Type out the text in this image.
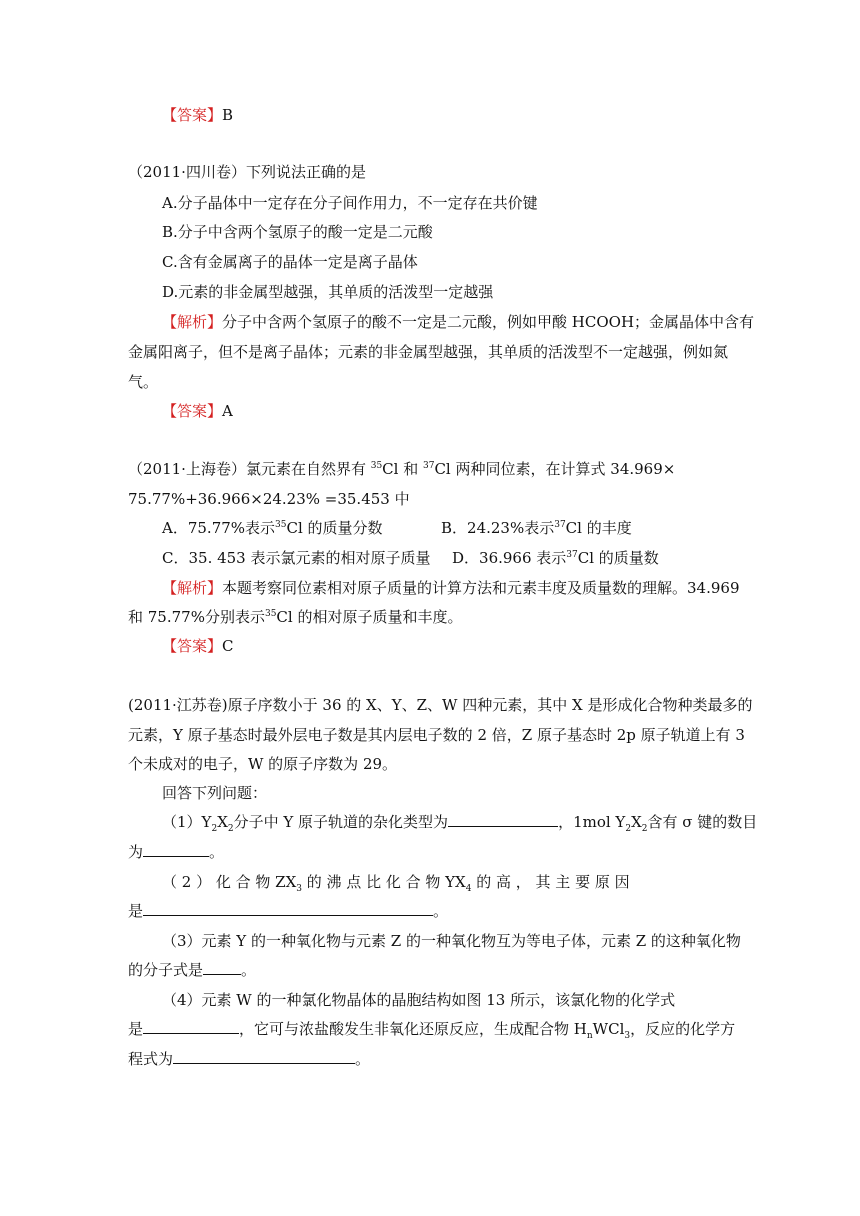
【答案】B
（2011·四川卷）下列说法正确的是
A.分子晶体中一定存在分子间作用力，不一定存在共价键
B.分子中含两个氢原子的酸一定是二元酸
C.含有金属离子的晶体一定是离子晶体
D.元素的非金属型越强，其单质的活泼型一定越强
【解析】分子中含两个氢原子的酸不一定是二元酸，例如甲酸 HCOOH；金属晶体中含有
金属阳离子，但不是离子晶体；元素的非金属型越强，其单质的活泼型不一定越强，例如氮
气。
【答案】A
（2011·上海卷）氯元素在自然界有 $^{35}$Cl 和 $^{37}$Cl 两种同位素，在计算式 34.969×
75.77%+36.966×24.23% =35.453 中
A．75.77%表示$^{35}$Cl 的质量分数	B．24.23%表示$^{37}$Cl 的丰度
C．35. 453 表示氯元素的相对原子质量 D．36.966 表示$^{37}$Cl 的质量数
【解析】本题考察同位素相对原子质量的计算方法和元素丰度及质量数的理解。34.969
和 75.77%分别表示$^{35}$Cl 的相对原子质量和丰度。
【答案】C
(2011·江苏卷)原子序数小于 36 的 X、Y、Z、W 四种元素，其中 X 是形成化合物种类最多的
元素，Y 原子基态时最外层电子数是其内层电子数的 2 倍，Z 原子基态时 2p 原子轨道上有 3
个未成对的电子，W 的原子序数为 29。
回答下列问题：
$(1)Y_2X_2$分子中 Y 原子轨道的杂化类型为	，1mol $Y_2X_2$含有 σ 键的数目
为	。
（ 2 ） 化 合 物 $ZX_3$ 的 沸 点 比 化 合 物 $YX_4$ 的 高 ， 其 主 要 原 因
是	。
（3）元素 Y 的一种氧化物与元素 Z 的一种氧化物互为等电子体，元素 Z 的这种氧化物
的分子式是	。
（4）元素 W 的一种氯化物晶体的晶胞结构如图 13 所示，该氯化物的化学式
是	，它可与浓盐酸发生非氧化还原反应，生成配合物 $H_nWCl_3$，反应的化学方
程式为	。
